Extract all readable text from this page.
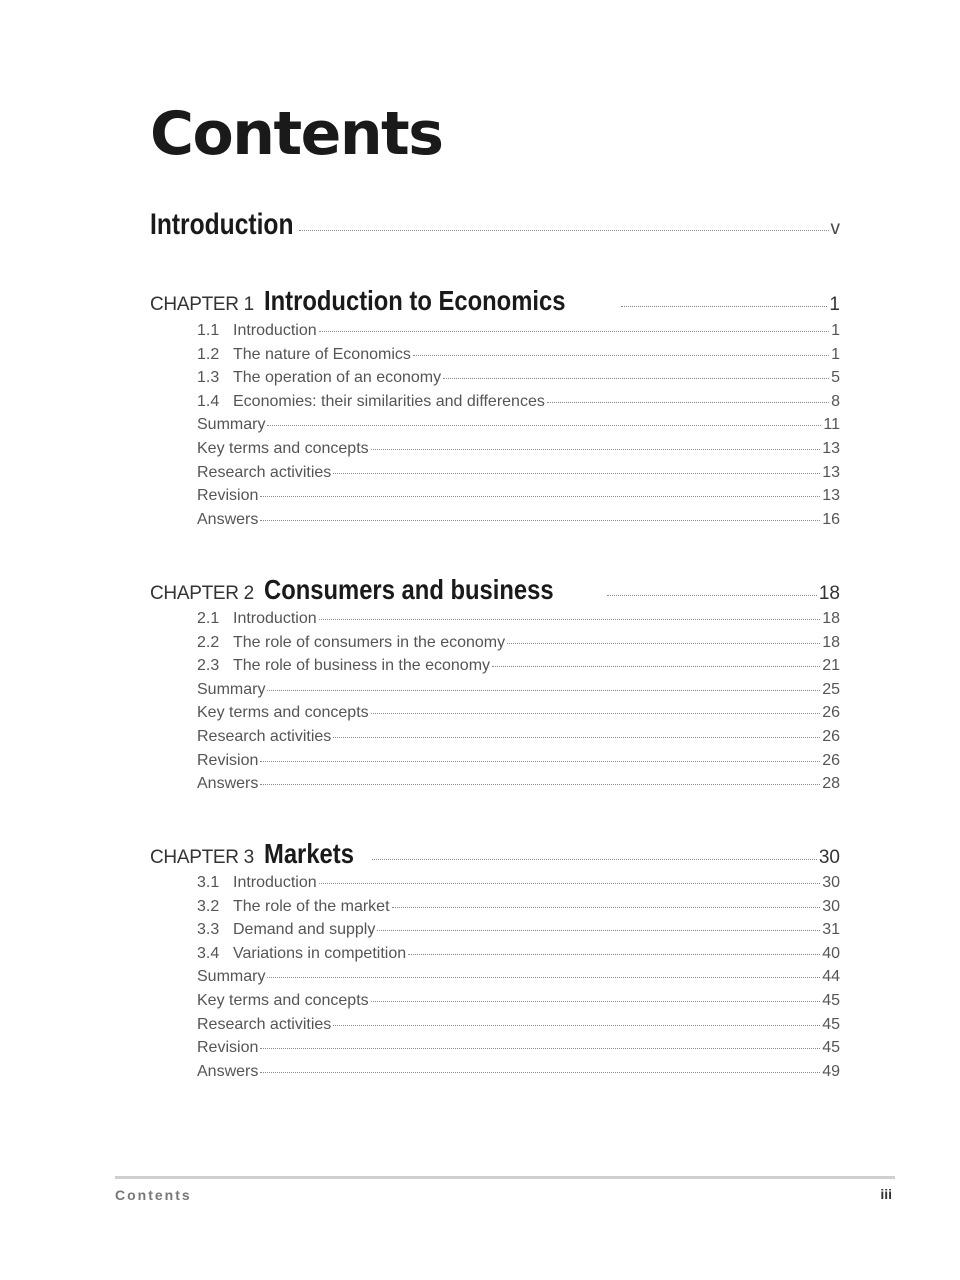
Contents
Introduction	v
CHAPTER 1 Introduction to Economics	1
1.1 Introduction	1
1.2 The nature of Economics	1
1.3 The operation of an economy	5
1.4 Economies: their similarities and differences	8
Summary	11
Key terms and concepts	13
Research activities	13
Revision	13
Answers	16
CHAPTER 2 Consumers and business	18
2.1 Introduction	18
2.2 The role of consumers in the economy	18
2.3 The role of business in the economy	21
Summary	25
Key terms and concepts	26
Research activities	26
Revision	26
Answers	28
CHAPTER 3 Markets	30
3.1 Introduction	30
3.2 The role of the market	30
3.3 Demand and supply	31
3.4 Variations in competition	40
Summary	44
Key terms and concepts	45
Research activities	45
Revision	45
Answers	49
Contents	iii
